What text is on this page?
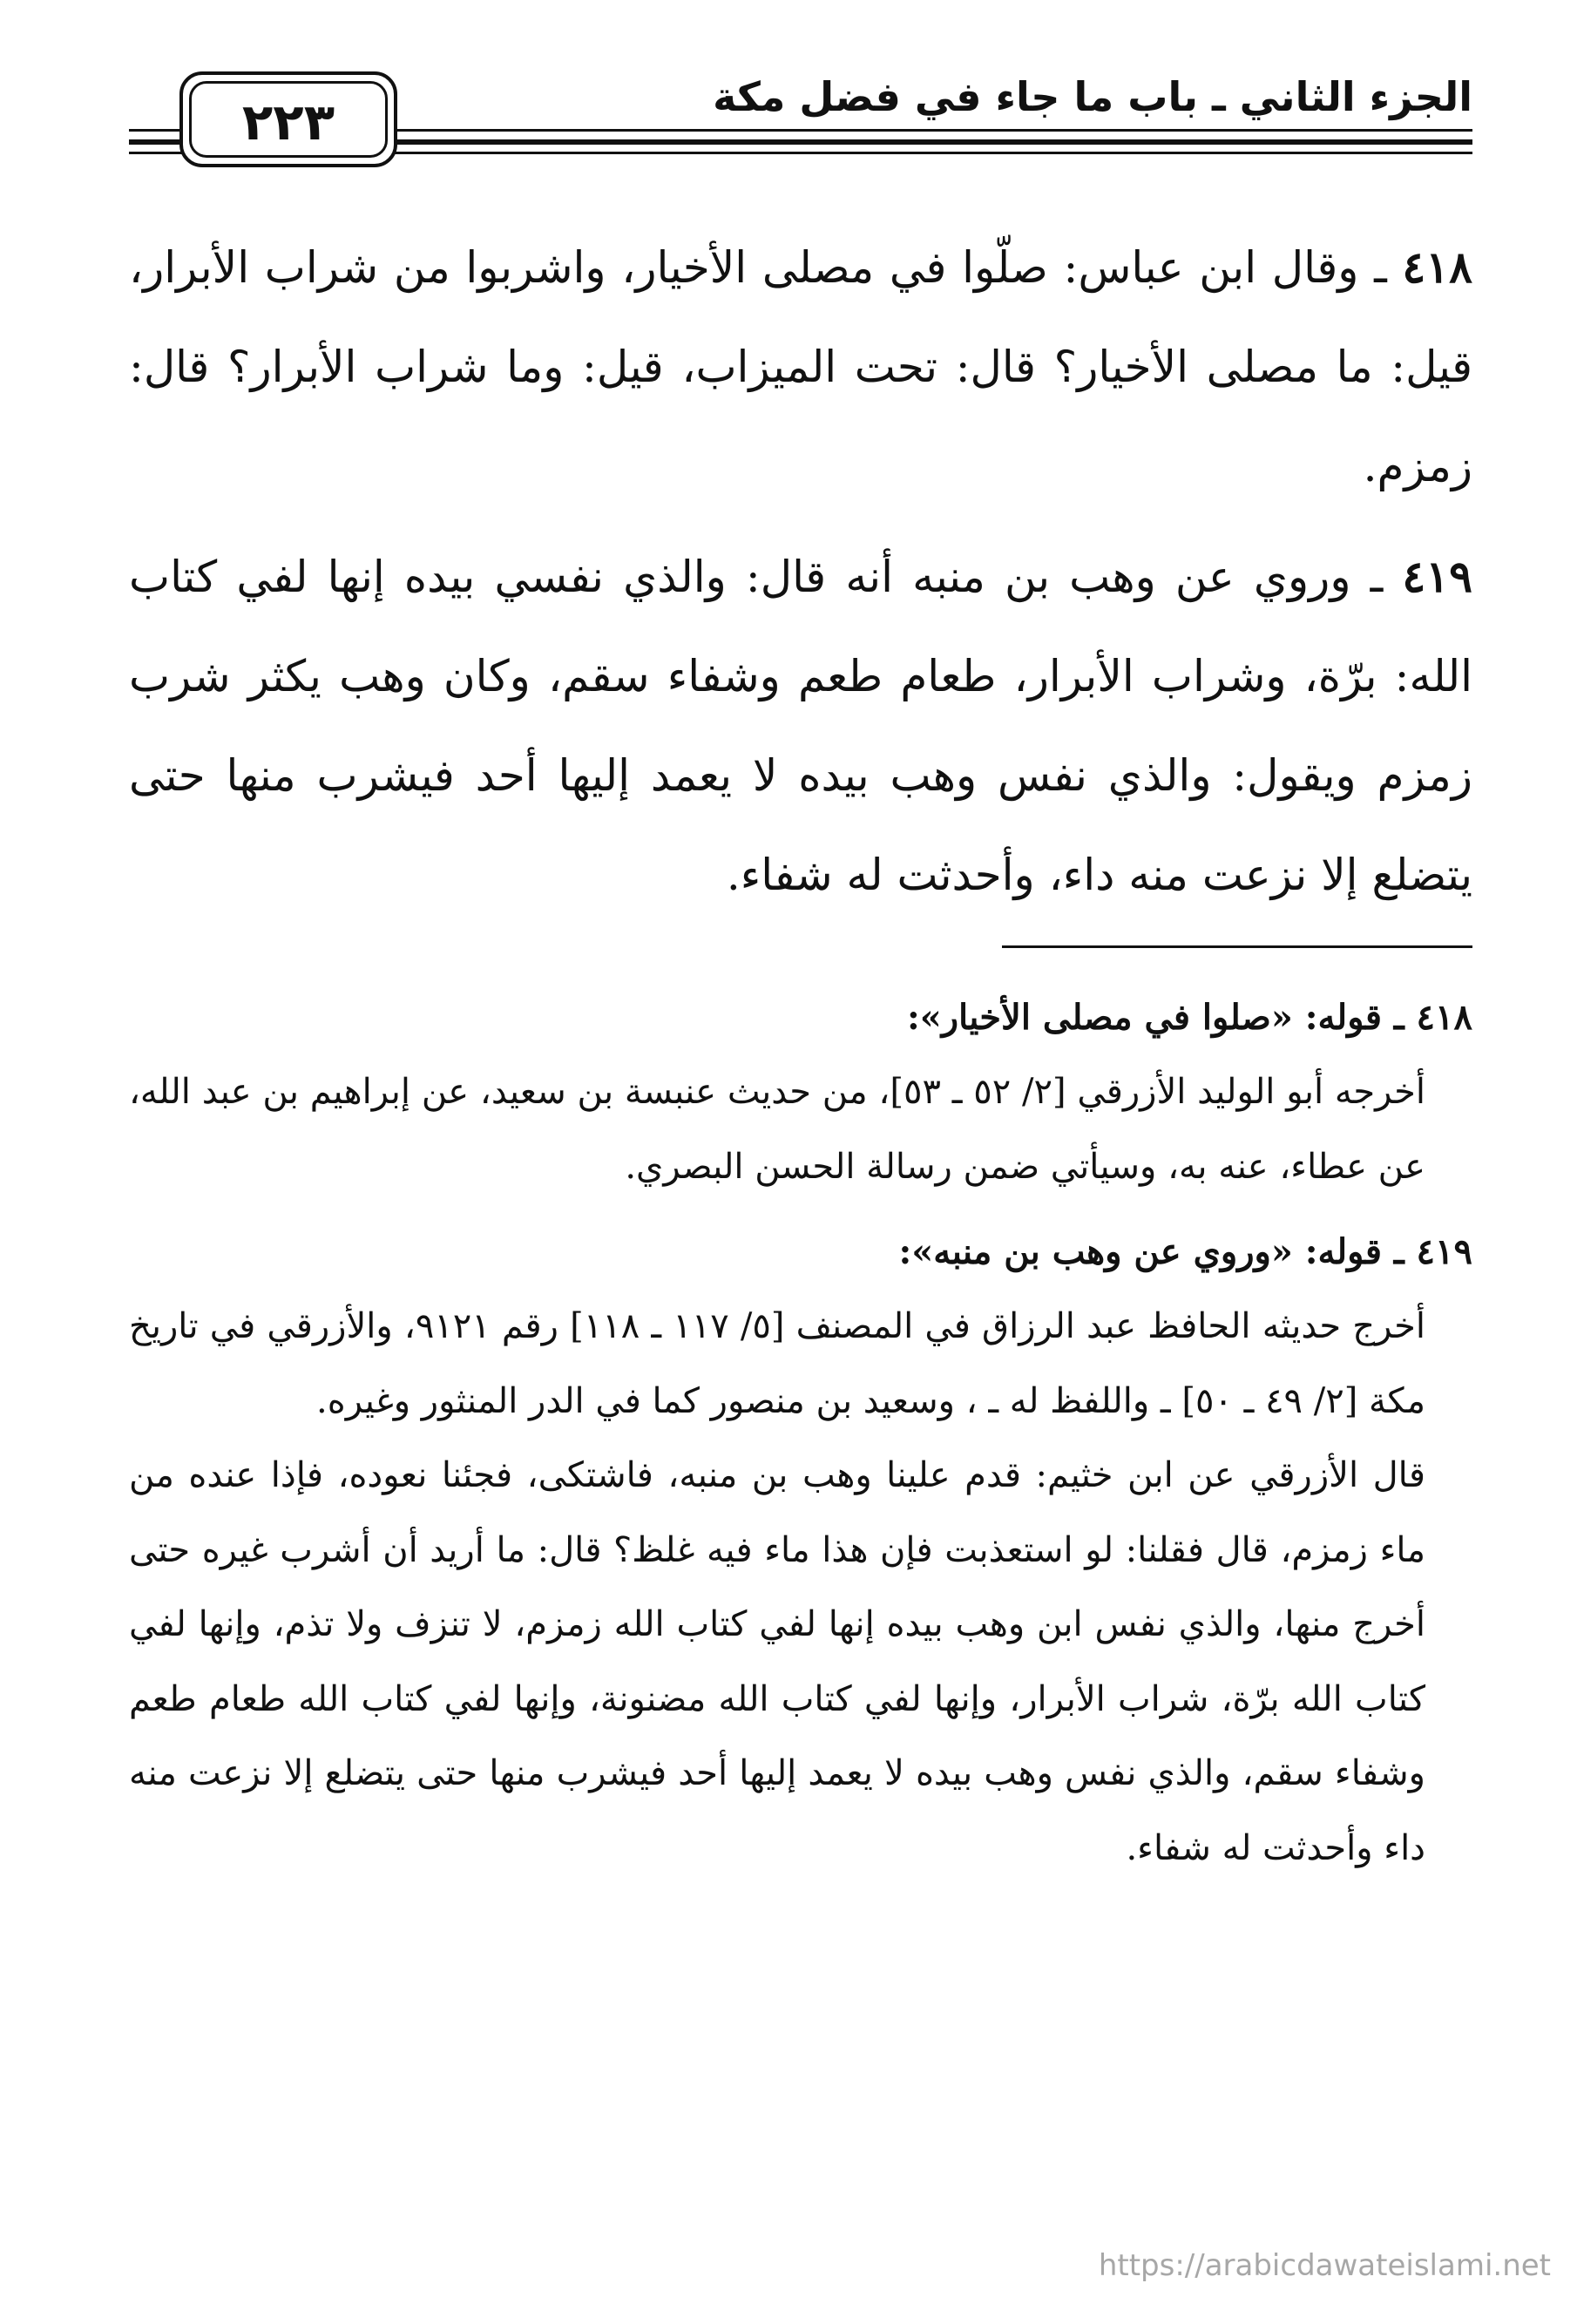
الجزء الثاني ـ باب ما جاء في فضل مكة
٢٢٣

٤١٨ ـ وقال ابن عباس: صلّوا في مصلى الأخيار، واشربوا من شراب الأبرار، قيل: ما مصلى الأخيار؟ قال: تحت الميزاب، قيل: وما شراب الأبرار؟ قال: زمزم.

٤١٩ ـ وروي عن وهب بن منبه أنه قال: والذي نفسي بيده إنها لفي كتاب الله: برّة، وشراب الأبرار، طعام طعم وشفاء سقم، وكان وهب يكثر شرب زمزم ويقول: والذي نفس وهب بيده لا يعمد إليها أحد فيشرب منها حتى يتضلع إلا نزعت منه داء، وأحدثت له شفاء.

٤١٨ ـ قوله: «صلوا في مصلى الأخيار»:

أخرجه أبو الوليد الأزرقي [٢/ ٥٢ ـ ٥٣]، من حديث عنبسة بن سعيد، عن إبراهيم بن عبد الله، عن عطاء، عنه به، وسيأتي ضمن رسالة الحسن البصري.

٤١٩ ـ قوله: «وروي عن وهب بن منبه»:

أخرج حديثه الحافظ عبد الرزاق في المصنف [٥/ ١١٧ ـ ١١٨] رقم ٩١٢١، والأزرقي في تاريخ مكة [٢/ ٤٩ ـ ٥٠] ـ واللفظ له ـ ، وسعيد بن منصور كما في الدر المنثور وغيره.

قال الأزرقي عن ابن خثيم: قدم علينا وهب بن منبه، فاشتكى، فجئنا نعوده، فإذا عنده من ماء زمزم، قال فقلنا: لو استعذبت فإن هذا ماء فيه غلظ؟ قال: ما أريد أن أشرب غيره حتى أخرج منها، والذي نفس ابن وهب بيده إنها لفي كتاب الله زمزم، لا تنزف ولا تذم، وإنها لفي كتاب الله برّة، شراب الأبرار، وإنها لفي كتاب الله مضنونة، وإنها لفي كتاب الله طعام طعم وشفاء سقم، والذي نفس وهب بيده لا يعمد إليها أحد فيشرب منها حتى يتضلع إلا نزعت منه داء وأحدثت له شفاء.

https://arabicdawateislami.net
